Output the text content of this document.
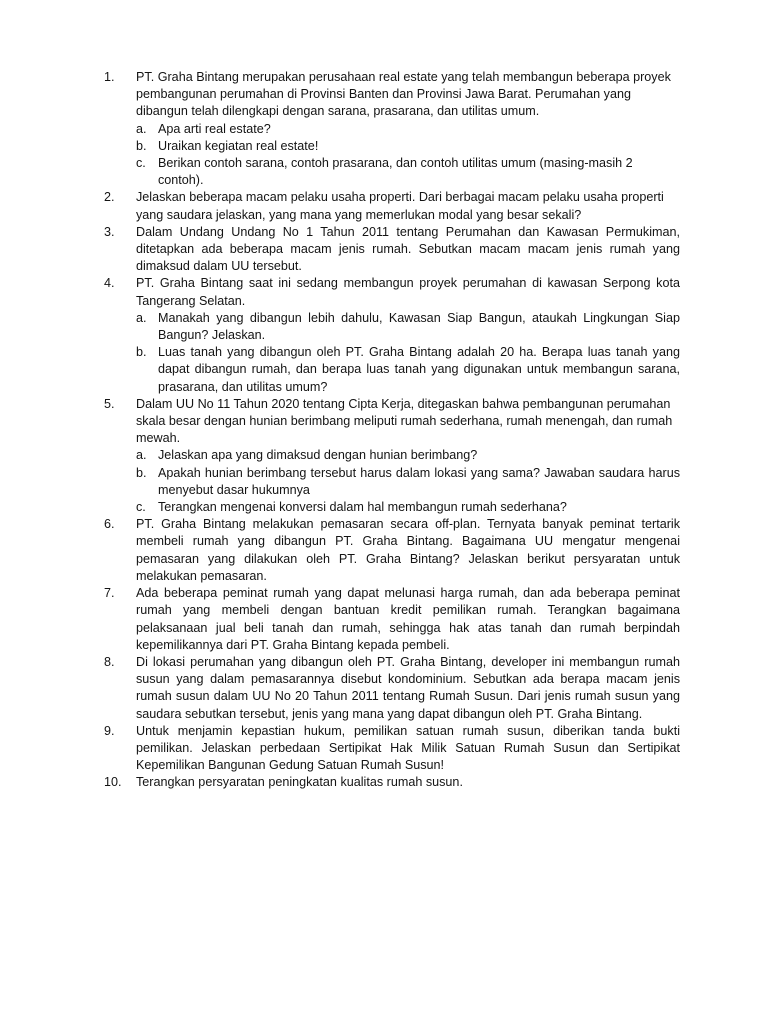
1.	PT. Graha Bintang merupakan perusahaan real estate yang telah membangun beberapa proyek pembangunan perumahan di Provinsi Banten dan Provinsi Jawa Barat. Perumahan yang dibangun telah dilengkapi dengan sarana, prasarana, dan utilitas umum.
a. Apa arti real estate?
b. Uraikan kegiatan real estate!
c. Berikan contoh sarana, contoh prasarana, dan contoh utilitas umum (masing-masih 2 contoh).
2.	Jelaskan beberapa macam pelaku usaha properti. Dari berbagai macam pelaku usaha properti yang saudara jelaskan, yang mana yang memerlukan modal yang besar sekali?
3.	Dalam Undang Undang No 1 Tahun 2011 tentang Perumahan dan Kawasan Permukiman, ditetapkan ada beberapa macam jenis rumah. Sebutkan macam macam jenis rumah yang dimaksud dalam UU tersebut.
4.	PT. Graha Bintang saat ini sedang membangun proyek perumahan di kawasan Serpong kota Tangerang Selatan.
a. Manakah yang dibangun lebih dahulu, Kawasan Siap Bangun, ataukah Lingkungan Siap Bangun? Jelaskan.
b. Luas tanah yang dibangun oleh PT. Graha Bintang adalah 20 ha. Berapa luas tanah yang dapat dibangun rumah, dan berapa luas tanah yang digunakan untuk membangun sarana, prasarana, dan utilitas umum?
5.	Dalam UU No 11 Tahun 2020 tentang Cipta Kerja, ditegaskan bahwa pembangunan perumahan skala besar dengan hunian berimbang meliputi rumah sederhana, rumah menengah, dan rumah mewah.
a. Jelaskan apa yang dimaksud dengan hunian berimbang?
b. Apakah hunian berimbang tersebut harus dalam lokasi yang sama? Jawaban saudara harus menyebut dasar hukumnya
c. Terangkan mengenai konversi dalam hal membangun rumah sederhana?
6.	PT. Graha Bintang melakukan pemasaran secara off-plan. Ternyata banyak peminat tertarik membeli rumah yang dibangun PT. Graha Bintang. Bagaimana UU mengatur mengenai pemasaran yang dilakukan oleh PT. Graha Bintang? Jelaskan berikut persyaratan untuk melakukan pemasaran.
7.	Ada beberapa peminat rumah yang dapat melunasi harga rumah, dan ada beberapa peminat rumah yang membeli dengan bantuan kredit pemilikan rumah. Terangkan bagaimana pelaksanaan jual beli tanah dan rumah, sehingga hak atas tanah dan rumah berpindah kepemilikannya dari PT. Graha Bintang kepada pembeli.
8.	Di lokasi perumahan yang dibangun oleh PT. Graha Bintang, developer ini membangun rumah susun yang dalam pemasarannya disebut kondominium. Sebutkan ada berapa macam jenis rumah susun dalam UU No 20 Tahun 2011 tentang Rumah Susun. Dari jenis rumah susun yang saudara sebutkan tersebut, jenis yang mana yang dapat dibangun oleh PT. Graha Bintang.
9.	Untuk menjamin kepastian hukum, pemilikan satuan rumah susun, diberikan tanda bukti pemilikan. Jelaskan perbedaan Sertipikat Hak Milik Satuan Rumah Susun dan Sertipikat Kepemilikan Bangunan Gedung Satuan Rumah Susun!
10.	Terangkan persyaratan peningkatan kualitas rumah susun.
